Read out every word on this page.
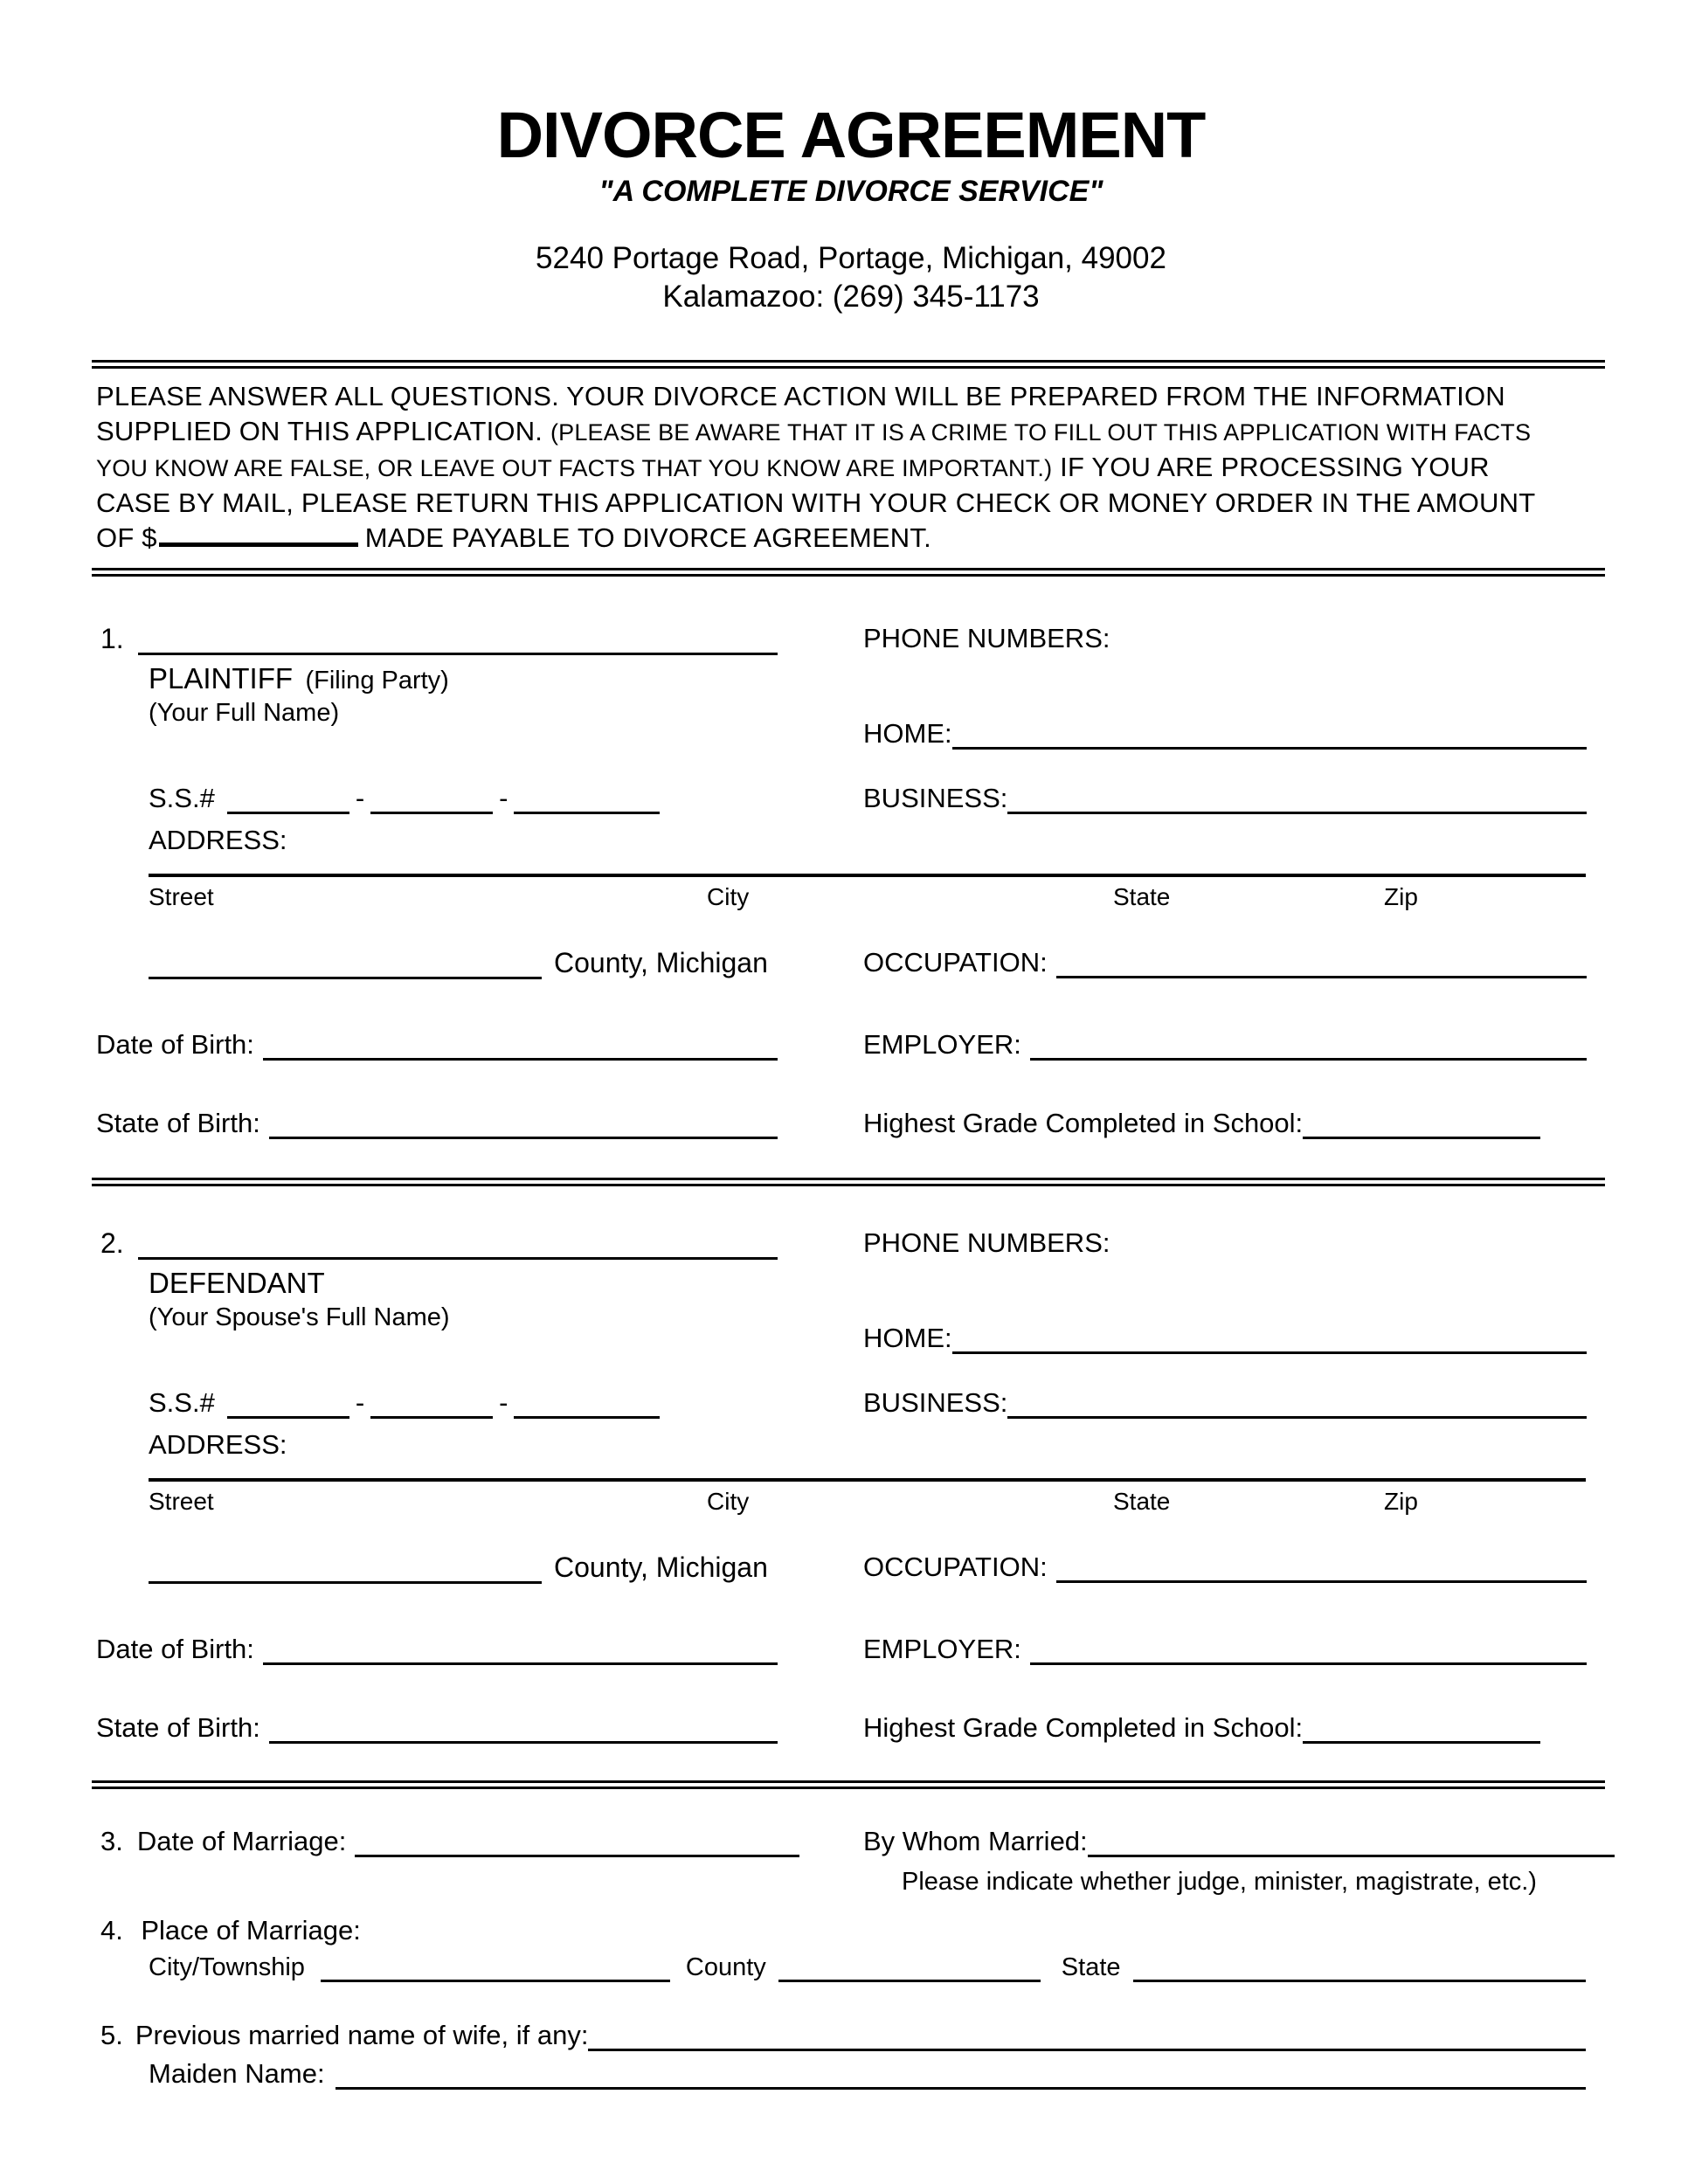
DIVORCE AGREEMENT
"A COMPLETE DIVORCE SERVICE"
5240 Portage Road, Portage, Michigan, 49002
Kalamazoo: (269) 345-1173
PLEASE ANSWER ALL QUESTIONS. YOUR DIVORCE ACTION WILL BE PREPARED FROM THE INFORMATION SUPPLIED ON THIS APPLICATION. (PLEASE BE AWARE THAT IT IS A CRIME TO FILL OUT THIS APPLICATION WITH FACTS YOU KNOW ARE FALSE, OR LEAVE OUT FACTS THAT YOU KNOW ARE IMPORTANT.) IF YOU ARE PROCESSING YOUR CASE BY MAIL, PLEASE RETURN THIS APPLICATION WITH YOUR CHECK OR MONEY ORDER IN THE AMOUNT OF $	MADE PAYABLE TO DIVORCE AGREEMENT.
1.	PHONE NUMBERS:
PLAINTIFF (Filing Party)
(Your Full Name)
HOME:
S.S.#	-	-	BUSINESS:
ADDRESS:
Street	City	State	Zip
County, Michigan	OCCUPATION:
Date of Birth:	EMPLOYER:
State of Birth:	Highest Grade Completed in School:
2.	PHONE NUMBERS:
DEFENDANT
(Your Spouse's Full Name)
HOME:
S.S.#	-	-	BUSINESS:
ADDRESS:
Street	City	State	Zip
County, Michigan	OCCUPATION:
Date of Birth:	EMPLOYER:
State of Birth:	Highest Grade Completed in School:
3. Date of Marriage:	By Whom Married:
Please indicate whether judge, minister, magistrate, etc.)
4. Place of Marriage:
City/Township	County	State
5. Previous married name of wife, if any:
Maiden Name:
